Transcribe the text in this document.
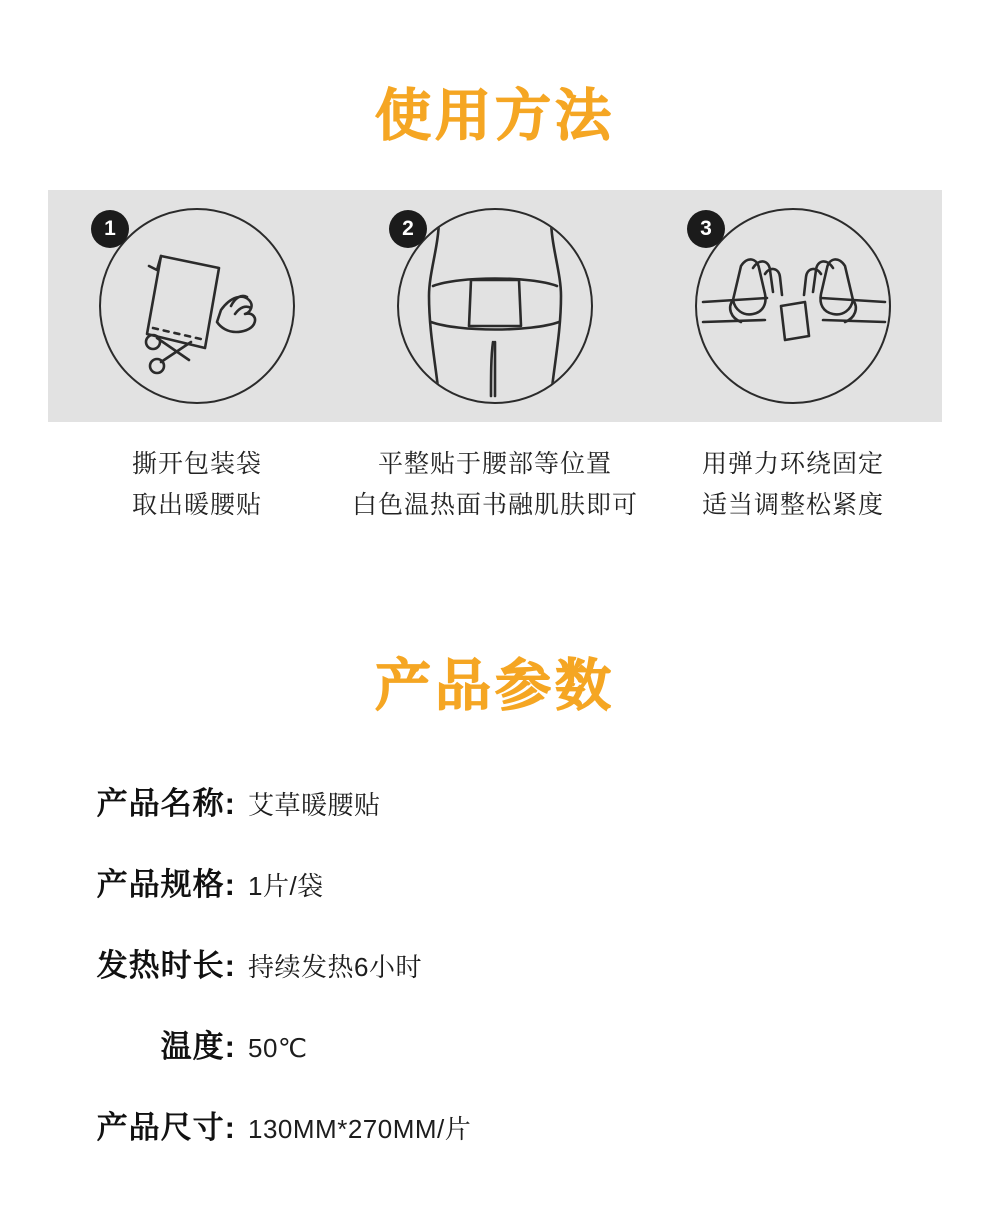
使用方法
1	2	3
撕开包装袋
取出暖腰贴
平整贴于腰部等位置
白色温热面书融肌肤即可
用弹力环绕固定
适当调整松紧度
产品参数
产品名称: 艾草暖腰贴
产品规格: 1片/袋
发热时长: 持续发热6小时
温度: 50℃
产品尺寸: 130MM*270MM/片
